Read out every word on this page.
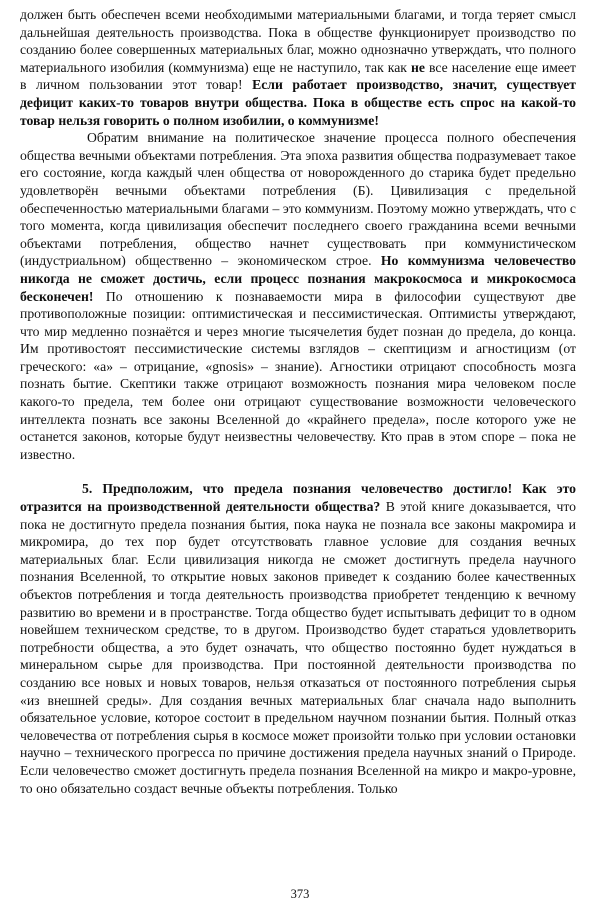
должен быть обеспечен всеми необходимыми материальными благами, и тогда теряет смысл дальнейшая деятельность производства. Пока в обществе функционирует производство по созданию более совершенных материальных благ, можно однозначно утверждать, что полного материального изобилия (коммунизма) еще не наступило, так как не все население еще имеет в личном пользовании этот товар! Если работает производство, значит, существует дефицит каких-то товаров внутри общества. Пока в обществе есть спрос на какой-то товар нельзя говорить о полном изобилии, о коммунизме!

Обратим внимание на политическое значение процесса полного обеспечения общества вечными объектами потребления. Эта эпоха развития общества подразумевает такое его состояние, когда каждый член общества от новорожденного до старика будет предельно удовлетворён вечными объектами потребления (Б). Цивилизация с предельной обеспеченностью материальными благами – это коммунизм. Поэтому можно утверждать, что с того момента, когда цивилизация обеспечит последнего своего гражданина всеми вечными объектами потребления, общество начнет существовать при коммунистическом (индустриальном) общественно – экономическом строе. Но коммунизма человечество никогда не сможет достичь, если процесс познания макрокосмоса и микрокосмоса бесконечен! По отношению к познаваемости мира в философии существуют две противоположные позиции: оптимистическая и пессимистическая. Оптимисты утверждают, что мир медленно познаётся и через многие тысячелетия будет познан до предела, до конца. Им противостоят пессимистические системы взглядов – скептицизм и агностицизм (от греческого: «а» – отрицание, «gnosis» – знание). Агностики отрицают способность мозга познать бытие. Скептики также отрицают возможность познания мира человеком после какого-то предела, тем более они отрицают существование возможности человеческого интеллекта познать все законы Вселенной до «крайнего предела», после которого уже не останется законов, которые будут неизвестны человечеству. Кто прав в этом споре – пока не известно.

5. Предположим, что предела познания человечество достигло! Как это отразится на производственной деятельности общества? В этой книге доказывается, что пока не достигнуто предела познания бытия, пока наука не познала все законы макромира и микромира, до тех пор будет отсутствовать главное условие для создания вечных материальных благ. Если цивилизация никогда не сможет достигнуть предела научного познания Вселенной, то открытие новых законов приведет к созданию более качественных объектов потребления и тогда деятельность производства приобретет тенденцию к вечному развитию во времени и в пространстве. Тогда общество будет испытывать дефицит то в одном новейшем техническом средстве, то в другом. Производство будет стараться удовлетворить потребности общества, а это будет означать, что общество постоянно будет нуждаться в минеральном сырье для производства. При постоянной деятельности производства по созданию все новых и новых товаров, нельзя отказаться от постоянного потребления сырья «из внешней среды». Для создания вечных материальных благ сначала надо выполнить обязательное условие, которое состоит в предельном научном познании бытия. Полный отказ человечества от потребления сырья в космосе может произойти только при условии остановки научно – технического прогресса по причине достижения предела научных знаний о Природе. Если человечество сможет достигнуть предела познания Вселенной на микро и макро-уровне, то оно обязательно создаст вечные объекты потребления. Только

373
